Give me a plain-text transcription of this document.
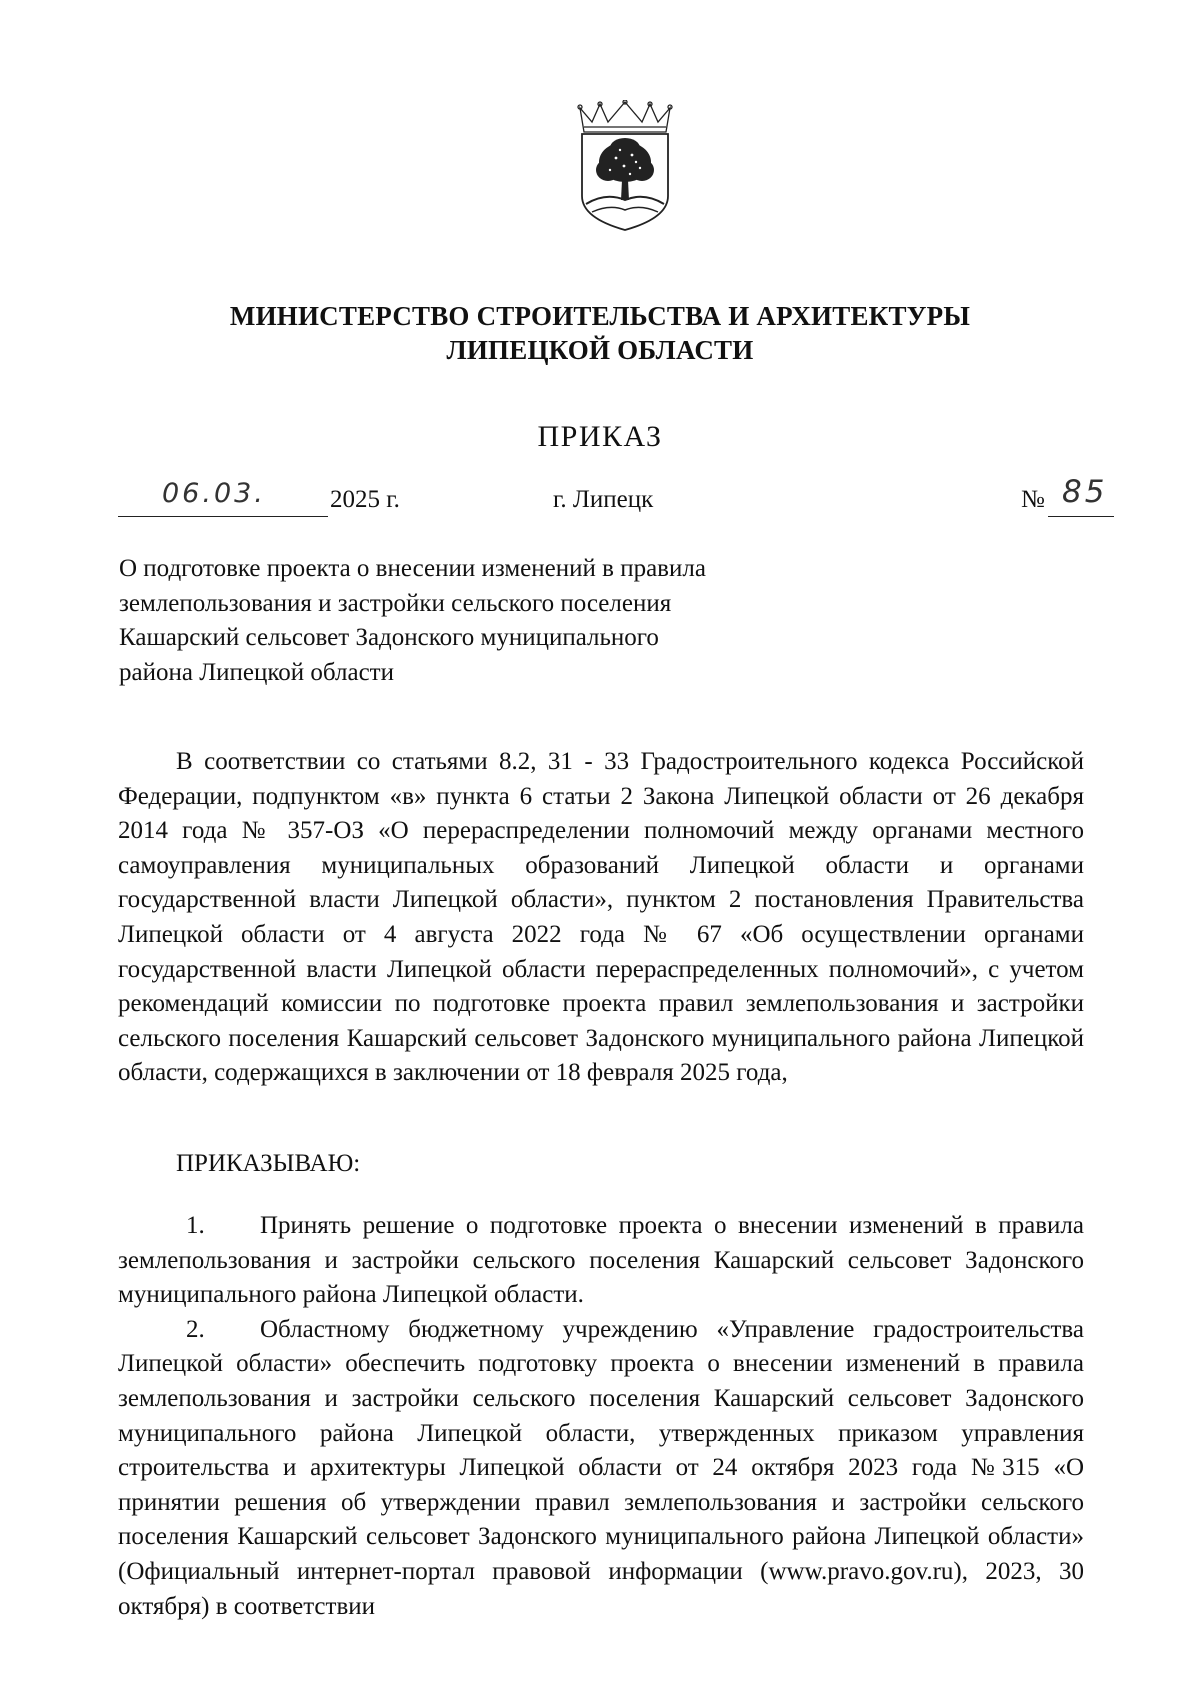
МИНИСТЕРСТВО СТРОИТЕЛЬСТВА И АРХИТЕКТУРЫ
ЛИПЕЦКОЙ ОБЛАСТИ
ПРИКАЗ
06.03.	2025 г.	г. Липецк	№ 85
О подготовке проекта о внесении изменений в правила землепользования и застройки сельского поселения Кашарский сельсовет Задонского муниципального района Липецкой области
В соответствии со статьями 8.2, 31 - 33 Градостроительного кодекса Российской Федерации, подпунктом «в» пункта 6 статьи 2 Закона Липецкой области от 26 декабря 2014 года № 357-ОЗ «О перераспределении полномочий между органами местного самоуправления муниципальных образований Липецкой области и органами государственной власти Липецкой области», пунктом 2 постановления Правительства Липецкой области от 4 августа 2022 года № 67 «Об осуществлении органами государственной власти Липецкой области перераспределенных полномочий», с учетом рекомендаций комиссии по подготовке проекта правил землепользования и застройки сельского поселения Кашарский сельсовет Задонского муниципального района Липецкой области, содержащихся в заключении от 18 февраля 2025 года,
ПРИКАЗЫВАЮ:
1. Принять решение о подготовке проекта о внесении изменений в правила землепользования и застройки сельского поселения Кашарский сельсовет Задонского муниципального района Липецкой области.
2. Областному бюджетному учреждению «Управление градостроительства Липецкой области» обеспечить подготовку проекта о внесении изменений в правила землепользования и застройки сельского поселения Кашарский сельсовет Задонского муниципального района Липецкой области, утвержденных приказом управления строительства и архитектуры Липецкой области от 24 октября 2023 года №315 «О принятии решения об утверждении правил землепользования и застройки сельского поселения Кашарский сельсовет Задонского муниципального района Липецкой области» (Официальный интернет-портал правовой информации (www.pravo.gov.ru), 2023, 30 октября) в соответствии
